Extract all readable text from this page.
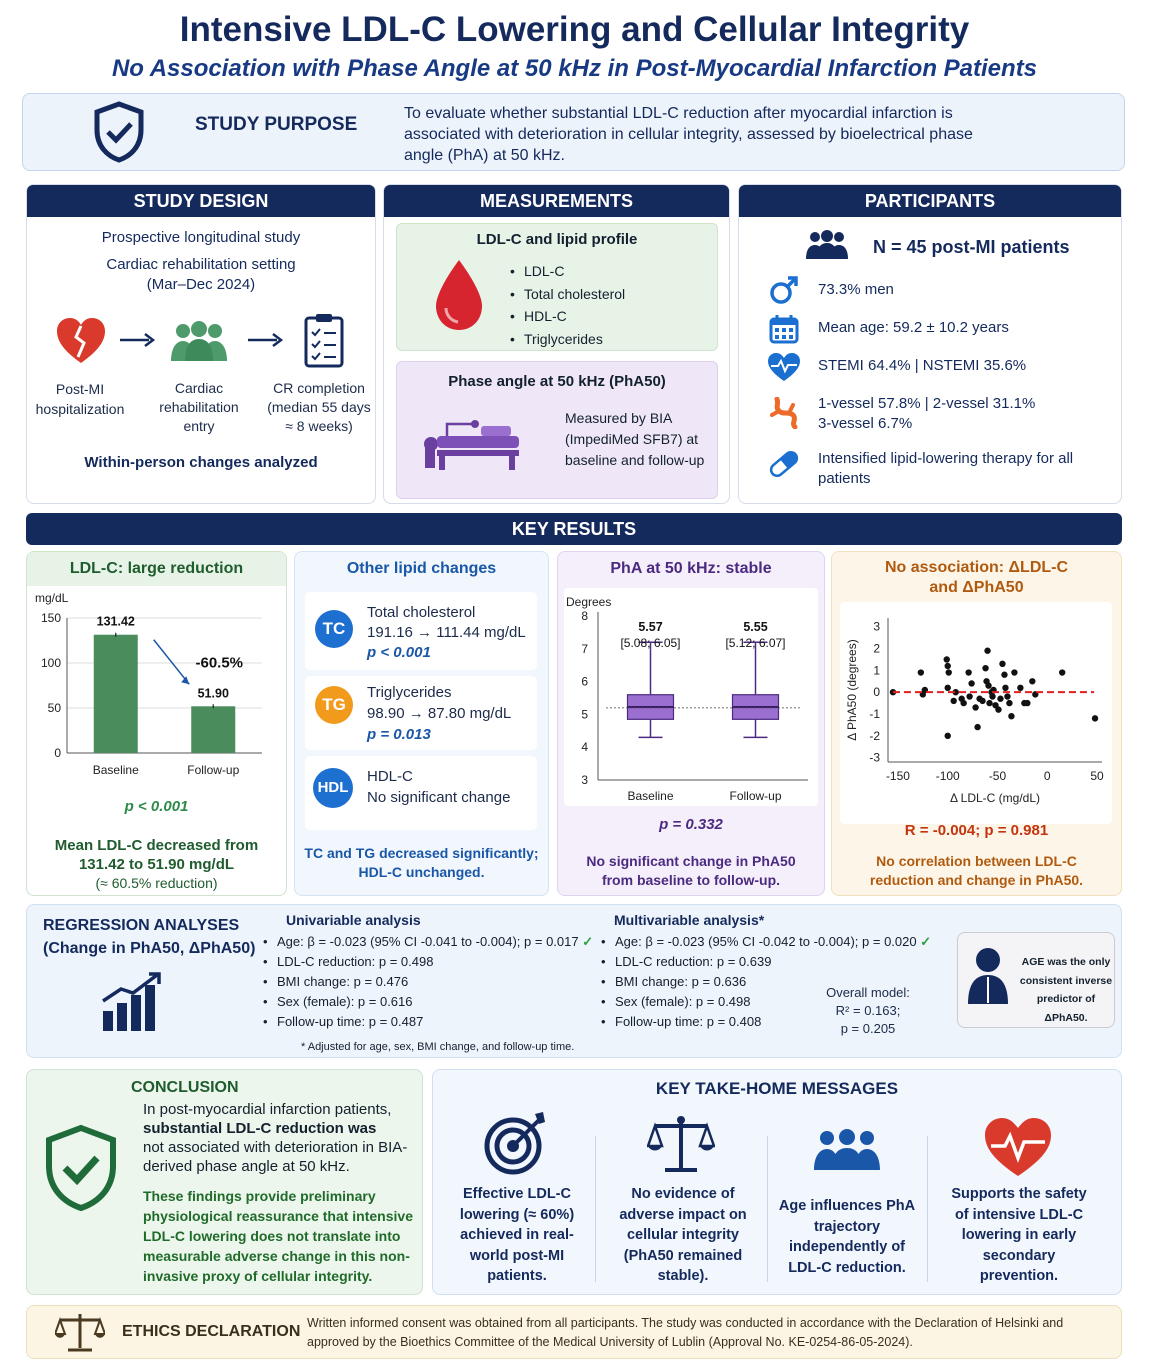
Intensive LDL-C Lowering and Cellular Integrity
No Association with Phase Angle at 50 kHz in Post-Myocardial Infarction Patients
STUDY PURPOSE
To evaluate whether substantial LDL-C reduction after myocardial infarction is associated with deterioration in cellular integrity, assessed by bioelectrical phase angle (PhA) at 50 kHz.
STUDY DESIGN
Prospective longitudinal study
Cardiac rehabilitation setting
(Mar–Dec 2024)
Post-MI hospitalization
Cardiac rehabilitation entry
CR completion (median 55 days ≈ 8 weeks)
Within-person changes analyzed
MEASUREMENTS
LDL-C and lipid profile
• LDL-C
• Total cholesterol
• HDL-C
• Triglycerides
Phase angle at 50 kHz (PhA50)
Measured by BIA (ImpediMed SFB7) at baseline and follow-up
PARTICIPANTS
N = 45 post-MI patients
73.3% men
Mean age: 59.2 ± 10.2 years
STEMI 64.4% | NSTEMI 35.6%
1-vessel 57.8% | 2-vessel 31.1%
3-vessel 6.7%
Intensified lipid-lowering therapy for all patients
KEY RESULTS
LDL-C: large reduction
mg/dL
0
50
100
150	131.42
Baseline
51.90
Follow-up
-60.5%
p < 0.001
Mean LDL-C decreased from
131.42 to 51.90 mg/dL
(≈ 60.5% reduction)
Other lipid changes
TC
Total cholesterol
191.16 → 111.44 mg/dL
p < 0.001
TG
Triglycerides
98.90 → 87.80 mg/dL
p = 0.013
HDL
HDL-C
No significant change
TC and TG decreased significantly; HDL-C unchanged.
PhA at 50 kHz: stable
Degrees
3
4
5
6
7
8
5.57
[5.08; 6.05]
Baseline
5.55
[5.12; 6.07]
Follow-up
p = 0.332
No significant change in PhA50 from baseline to follow-up.
No association: ΔLDL-C and ΔPhA50
-3
-2
-1
0
1
2
3
-150 -100 -50	0	50
Δ LDL-C (mg/dL)
Δ PhA50 (degrees)
R = -0.004; p = 0.981
No correlation between LDL-C reduction and change in PhA50.
REGRESSION ANALYSES
(Change in PhA50, ΔPhA50)
Univariable analysis
• Age: β = -0.023 (95% CI -0.041 to -0.004); p = 0.017 ✓
• LDL-C reduction: p = 0.498
• BMI change: p = 0.476
• Sex (female): p = 0.616
• Follow-up time: p = 0.487
Multivariable analysis*
• Age: β = -0.023 (95% CI -0.042 to -0.004); p = 0.020 ✓
• LDL-C reduction: p = 0.639
• BMI change: p = 0.636
• Sex (female): p = 0.498
• Follow-up time: p = 0.408
Overall model:
R² = 0.163;
p = 0.205
* Adjusted for age, sex, BMI change, and follow-up time.
AGE was the only consistent inverse predictor of ΔPhA50.
CONCLUSION
In post-myocardial infarction patients,
substantial LDL-C reduction was
not associated with deterioration in BIA-derived phase angle at 50 kHz.
These findings provide preliminary physiological reassurance that intensive LDL-C lowering does not translate into measurable adverse change in this non-invasive proxy of cellular integrity.
KEY TAKE-HOME MESSAGES
Effective LDL-C lowering (≈ 60%) achieved in real-world post-MI patients.
No evidence of adverse impact on cellular integrity (PhA50 remained stable).
Age influences PhA trajectory independently of LDL-C reduction.
Supports the safety of intensive LDL-C lowering in early secondary prevention.
ETHICS DECLARATION Written informed consent was obtained from all participants. The study was conducted in accordance with the Declaration of Helsinki and approved by the Bioethics Committee of the Medical University of Lublin (Approval No. KE-0254-86-05-2024).
